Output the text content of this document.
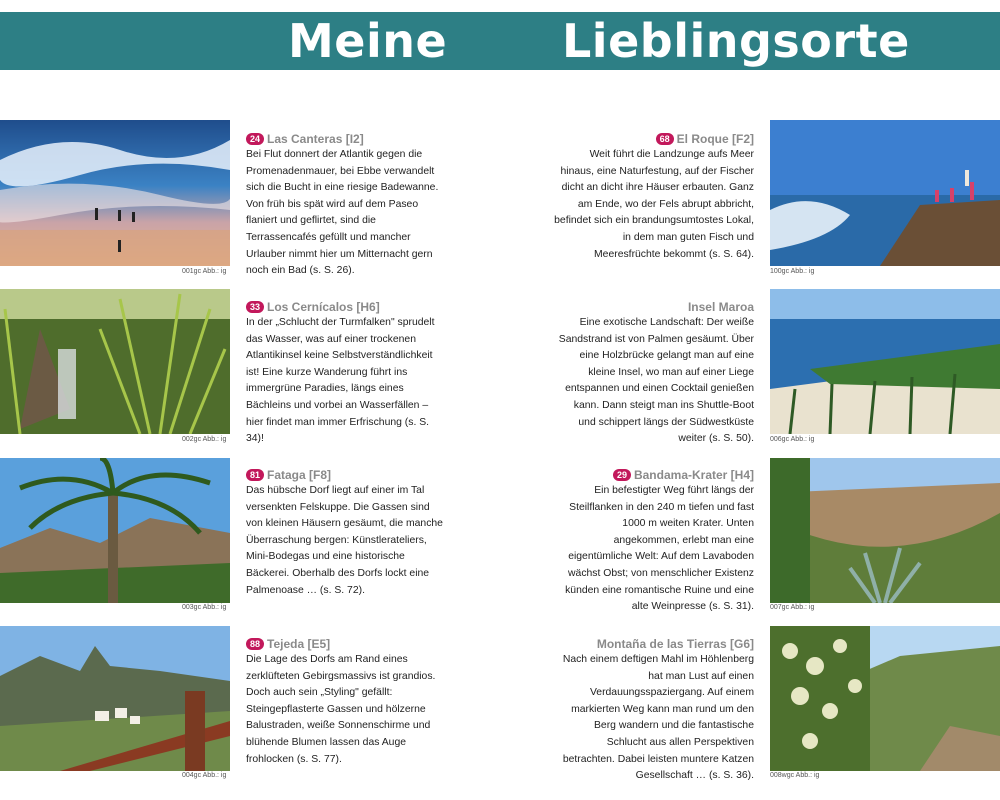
Meine Lieblingsorte
001gc Abb.: ig
24 Las Canteras [I2]
Bei Flut donnert der Atlantik gegen die Promenadenmauer, bei Ebbe verwandelt sich die Bucht in eine riesige Badewanne. Von früh bis spät wird auf dem Paseo flaniert und geflirtet, sind die Terrassencafés gefüllt und mancher Urlauber nimmt hier um Mitternacht gern noch ein Bad (s. S. 26).
002gc Abb.: ig
33 Los Cernícalos [H6]
In der „Schlucht der Turmfalken" sprudelt das Wasser, was auf einer trockenen Atlantikinsel keine Selbstverständlichkeit ist! Eine kurze Wanderung führt ins immergrüne Paradies, längs eines Bächleins und vorbei an Wasserfällen – hier findet man immer Erfrischung (s. S. 34)!
003gc Abb.: ig
81 Fataga [F8]
Das hübsche Dorf liegt auf einer im Tal versenkten Felskuppe. Die Gassen sind von kleinen Häusern gesäumt, die manche Überraschung bergen: Künstlerateliers, Mini-Bodegas und eine historische Bäckerei. Oberhalb des Dorfs lockt eine Palmenoase … (s. S. 72).
004gc Abb.: ig
88 Tejeda [E5]
Die Lage des Dorfs am Rand eines zerklüfteten Gebirgsmassivs ist grandios. Doch auch sein „Styling" gefällt: Steingepflasterte Gassen und hölzerne Balustraden, weiße Sonnenschirme und blühende Blumen lassen das Auge frohlocken (s. S. 77).
100gc Abb.: ig
68 El Roque [F2]
Weit führt die Landzunge aufs Meer hinaus, eine Naturfestung, auf der Fischer dicht an dicht ihre Häuser erbauten. Ganz am Ende, wo der Fels abrupt abbricht, befindet sich ein brandungsumtostes Lokal, in dem man guten Fisch und Meeresfrüchte bekommt (s. S. 64).
006gc Abb.: ig
Insel Maroa
Eine exotische Landschaft: Der weiße Sandstrand ist von Palmen gesäumt. Über eine Holzbrücke gelangt man auf eine kleine Insel, wo man auf einer Liege entspannen und einen Cocktail genießen kann. Dann steigt man ins Shuttle-Boot und schippert längs der Südwestküste weiter (s. S. 50).
007gc Abb.: ig
29 Bandama-Krater [H4]
Ein befestigter Weg führt längs der Steilflanken in den 240 m tiefen und fast 1000 m weiten Krater. Unten angekommen, erlebt man eine eigentümliche Welt: Auf dem Lavaboden wächst Obst; von menschlicher Existenz künden eine romantische Ruine und eine alte Weinpresse (s. S. 31).
008wgc Abb.: ig
Montaña de las Tierras [G6]
Nach einem deftigen Mahl im Höhlenberg hat man Lust auf einen Verdauungsspaziergang. Auf einem markierten Weg kann man rund um den Berg wandern und die fantastische Schlucht aus allen Perspektiven betrachten. Dabei leisten muntere Katzen Gesellschaft … (s. S. 36).
